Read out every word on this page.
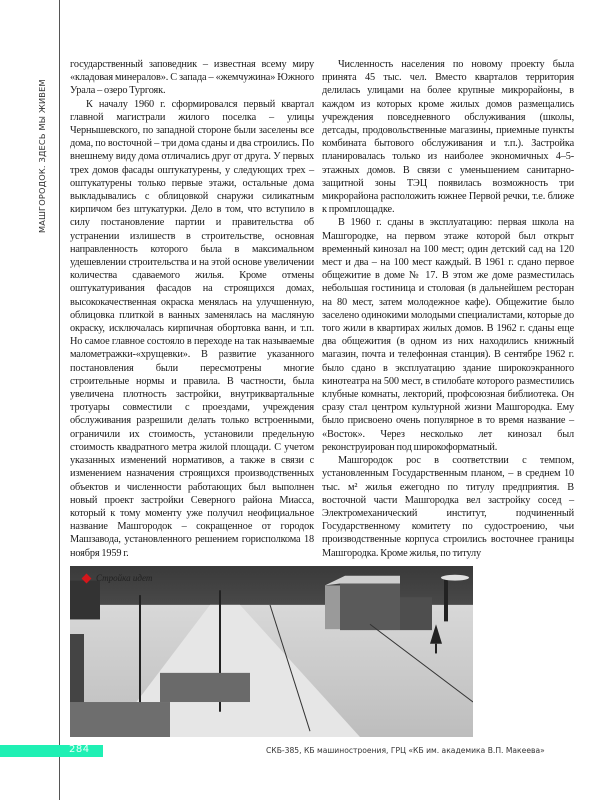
МАШГОРОДОК. ЗДЕСЬ МЫ ЖИВЕМ

государственный заповедник – известная всему миру «кладовая минералов». С запада – «жемчужина» Южного Урала – озеро Тургояк.

К началу 1960 г. сформировался первый квартал главной магистрали жилого поселка – улицы Чернышевского, по западной стороне были заселены все дома, по восточной – три дома сданы и два строились. По внешнему виду дома отличались друг от друга. У первых трех домов фасады оштукатурены, у следующих трех – оштукатурены только первые этажи, остальные дома выкладывались с облицовкой снаружи силикатным кирпичом без штукатурки. Дело в том, что вступило в силу постановление партии и правительства об устранении излишеств в строительстве, основная направленность которого была в максимальном удешевлении строительства и на этой основе увеличении количества сдаваемого жилья. Кроме отмены оштукатуривания фасадов на строящихся домах, высококачественная окраска менялась на улучшенную, облицовка плиткой в ванных заменялась на масляную окраску, исключалась кирпичная обортовка ванн, и т.п. Но самое главное состояло в переходе на так называемые малометражки-«хрущевки». В развитие указанного постановления были пересмотрены многие строительные нормы и правила. В частности, была увеличена плотность застройки, внутриквартальные тротуары совместили с проездами, учреждения обслуживания разрешили делать только встроенными, ограничили их стоимость, установили предельную стоимость квадратного метра жилой площади. С учетом указанных изменений нормативов, а также в связи с изменением назначения строящихся производственных объектов и численности работающих был выполнен новый проект застройки Северного района Миасса, который к тому моменту уже получил неофициальное название Машгородок – сокращенное от городок Машзавода, установленного решением горисполкома 18 ноября 1959 г.

Численность населения по новому проекту была принята 45 тыс. чел. Вместо кварталов территория делилась улицами на более крупные микрорайоны, в каждом из которых кроме жилых домов размещались учреждения повседневного обслуживания (школы, детсады, продовольственные магазины, приемные пункты комбината бытового обслуживания и т.п.). Застройка планировалась только из наиболее экономичных 4–5-этажных домов. В связи с уменьшением санитарно-защитной зоны ТЭЦ появилась возможность три микрорайона расположить южнее Первой речки, т.е. ближе к промплощадке.

В 1960 г. сданы в эксплуатацию: первая школа на Машгородке, на первом этаже которой был открыт временный кинозал на 100 мест; один детский сад на 120 мест и два – на 100 мест каждый. В 1961 г. сдано первое общежитие в доме № 17. В этом же доме разместилась небольшая гостиница и столовая (в дальнейшем ресторан на 80 мест, затем молодежное кафе). Общежитие было заселено одинокими молодыми специалистами, которые до того жили в квартирах жилых домов. В 1962 г. сданы еще два общежития (в одном из них находились книжный магазин, почта и телефонная станция). В сентябре 1962 г. было сдано в эксплуатацию здание широкоэкранного кинотеатра на 500 мест, в стилобате которого разместились клубные комнаты, лекторий, профсоюзная библиотека. Он сразу стал центром культурной жизни Машгородка. Ему было присвоено очень популярное в то время название – «Восток». Через несколько лет кинозал был реконструирован под широкоформатный.

Машгородок рос в соответствии с темпом, установленным Государственным планом, – в среднем 10 тыс. м² жилья ежегодно по титулу предприятия. В восточной части Машгородка вел застройку сосед – Электромеханический институт, подчиненный Государственному комитету по судостроению, чьи производственные корпуса строились восточнее границы Машгородка. Кроме жилья, по титулу

Стройка идет
284	СКБ-385, КБ машиностроения, ГРЦ «КБ им. академика В.П. Макеева»
